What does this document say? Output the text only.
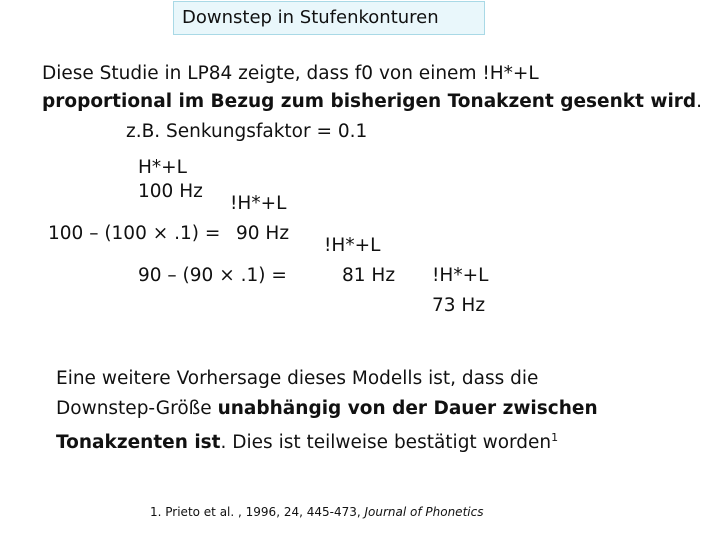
Downstep in Stufenkonturen
Diese Studie in LP84 zeigte, dass f0 von einem !H*+L
proportional im Bezug zum bisherigen Tonakzent gesenkt wird.
z.B. Senkungsfaktor = 0.1
H*+L
100 Hz
!H*+L
100 – (100 × .1) = 90 Hz
!H*+L
90 – (90 × .1) =	81 Hz !H*+L
73 Hz
Eine weitere Vorhersage dieses Modells ist, dass die
Downstep-Größe unabhängig von der Dauer zwischen
Tonakzenten ist. Dies ist teilweise bestätigt worden$^1$
1. Prieto et al. , 1996, 24, 445-473, Journal of Phonetics
